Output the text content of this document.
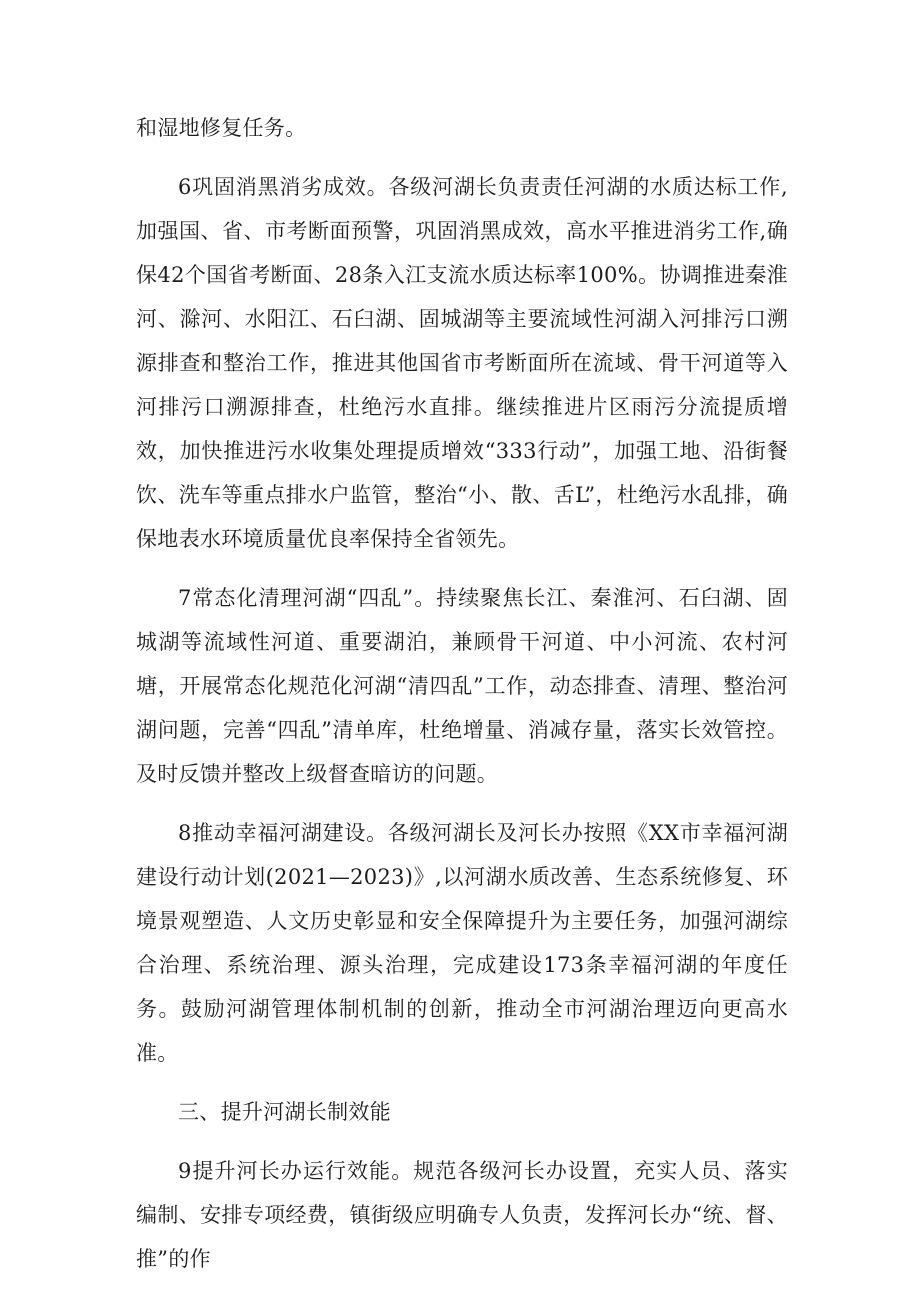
和湿地修复任务。

6巩固消黑消劣成效。各级河湖长负责责任河湖的水质达标工作,加强国、省、市考断面预警，巩固消黑成效，高水平推进消劣工作,确保42个国省考断面、28条入江支流水质达标率100%。协调推进秦淮河、滁河、水阳江、石臼湖、固城湖等主要流域性河湖入河排污口溯源排查和整治工作，推进其他国省市考断面所在流域、骨干河道等入河排污口溯源排查，杜绝污水直排。继续推进片区雨污分流提质增效，加快推进污水收集处理提质增效“333行动”，加强工地、沿街餐饮、洗车等重点排水户监管，整治“小、散、舌L”，杜绝污水乱排，确保地表水环境质量优良率保持全省领先。

7常态化清理河湖“四乱”。持续聚焦长江、秦淮河、石臼湖、固城湖等流域性河道、重要湖泊，兼顾骨干河道、中小河流、农村河塘，开展常态化规范化河湖“清四乱”工作，动态排查、清理、整治河湖问题，完善“四乱”清单库，杜绝增量、消减存量，落实长效管控。及时反馈并整改上级督查暗访的问题。

8推动幸福河湖建设。各级河湖长及河长办按照《XX市幸福河湖建设行动计划(2021—2023)》,以河湖水质改善、生态系统修复、环境景观塑造、人文历史彰显和安全保障提升为主要任务，加强河湖综合治理、系统治理、源头治理，完成建设173条幸福河湖的年度任务。鼓励河湖管理体制机制的创新，推动全市河湖治理迈向更高水准。

三、提升河湖长制效能

9提升河长办运行效能。规范各级河长办设置，充实人员、落实编制、安排专项经费，镇街级应明确专人负责，发挥河长办“统、督、推”的作
